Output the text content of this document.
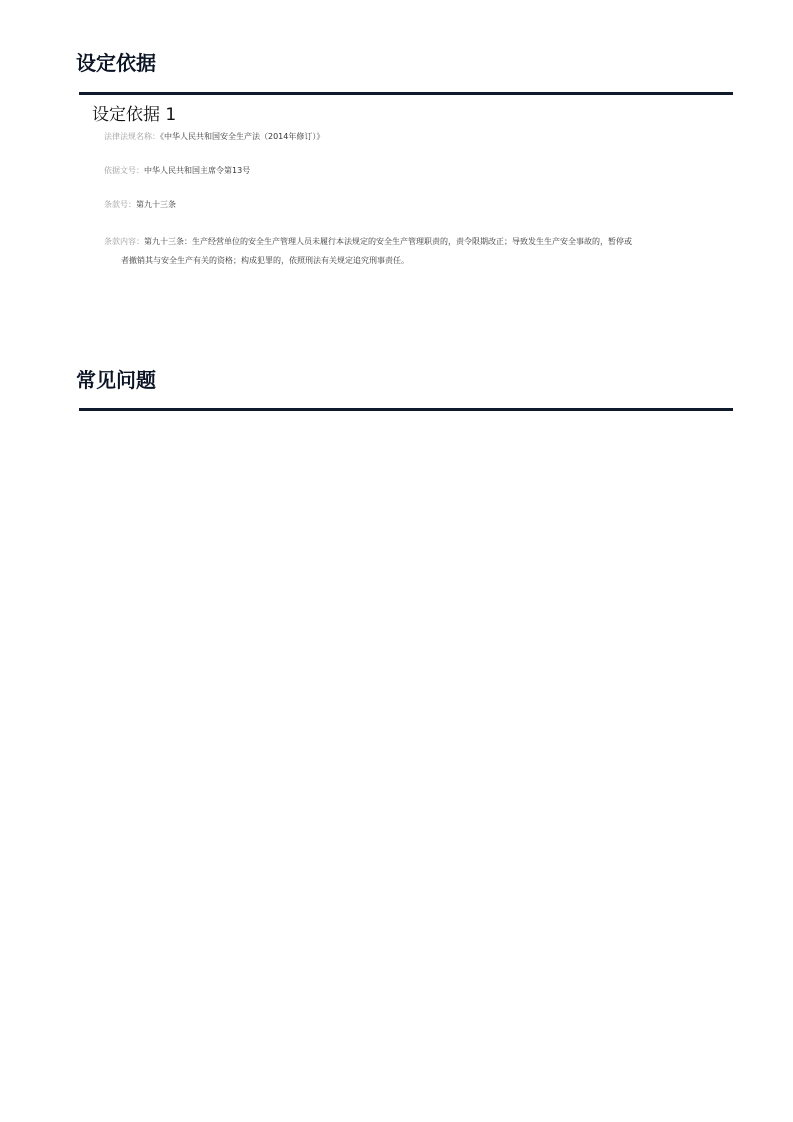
设定依据
设定依据 1
法律法规名称：《中华人民共和国安全生产法（2014年修订）》
依据文号：中华人民共和国主席令第13号
条款号：第九十三条
条款内容：第九十三条：生产经营单位的安全生产管理人员未履行本法规定的安全生产管理职责的，责令限期改正；导致发生生产安全事故的，暂停或
者撤销其与安全生产有关的资格；构成犯罪的，依照刑法有关规定追究刑事责任。
常见问题
